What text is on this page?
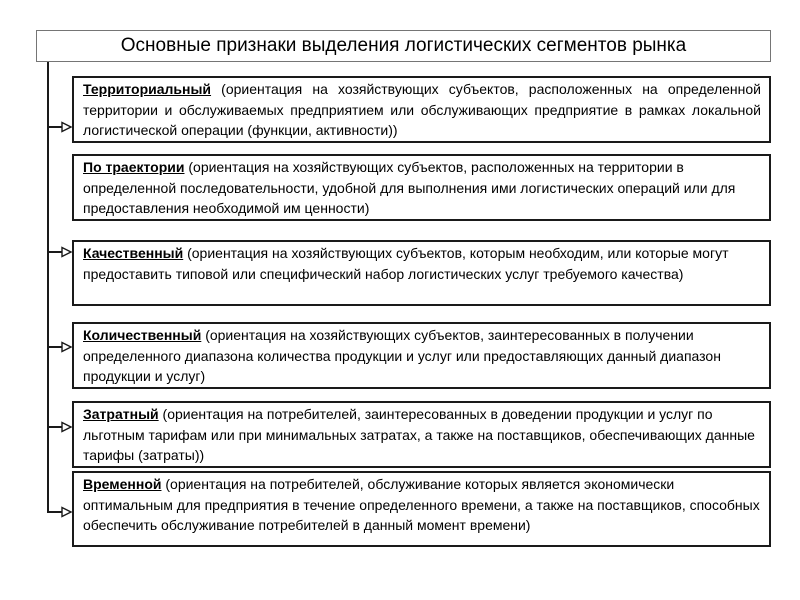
Основные признаки выделения логистических сегментов рынка
Территориальный (ориентация на хозяйствующих субъектов, расположенных на определенной территории и обслуживаемых предприятием или обслуживающих предприятие в рамках локальной логистической операции (функции, активности))
По траектории (ориентация на хозяйствующих субъектов, расположенных на территории в определенной последовательности, удобной для выполнения ими логистических операций или для предоставления необходимой им ценности)
Качественный (ориентация на хозяйствующих субъектов, которым необходим, или которые могут предоставить типовой или специфический набор логистических услуг требуемого качества)
Количественный (ориентация на хозяйствующих субъектов, заинтересованных в получении определенного диапазона количества продукции и услуг или предоставляющих данный диапазон продукции и услуг)
Затратный (ориентация на потребителей, заинтересованных в доведении продукции и услуг по льготным тарифам или при минимальных затратах, а также на поставщиков, обеспечивающих данные тарифы (затраты))
Временной (ориентация на потребителей, обслуживание которых является экономически оптимальным для предприятия в течение определенного времени, а также на поставщиков, способных обеспечить обслуживание потребителей в данный момент времени)
